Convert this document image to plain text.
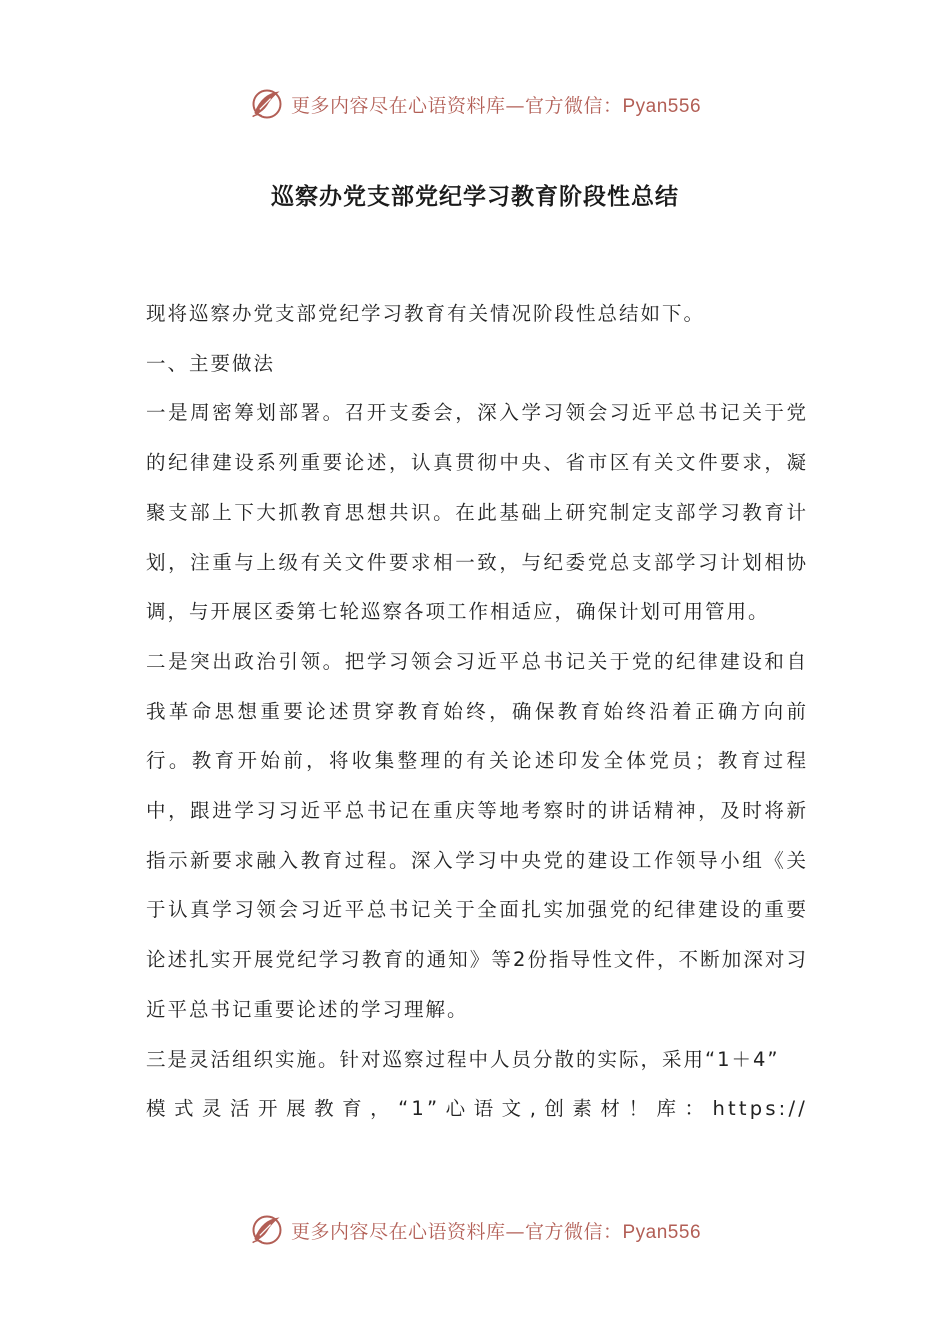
更多内容尽在心语资料库—官方微信：Pyan556
巡察办党支部党纪学习教育阶段性总结

现将巡察办党支部党纪学习教育有关情况阶段性总结如下。

一、主要做法

一是周密筹划部署。召开支委会，深入学习领会习近平总书记关于党的纪律建设系列重要论述，认真贯彻中央、省市区有关文件要求，凝聚支部上下大抓教育思想共识。在此基础上研究制定支部学习教育计划，注重与上级有关文件要求相一致，与纪委党总支部学习计划相协调，与开展区委第七轮巡察各项工作相适应，确保计划可用管用。

二是突出政治引领。把学习领会习近平总书记关于党的纪律建设和自我革命思想重要论述贯穿教育始终，确保教育始终沿着正确方向前行。教育开始前，将收集整理的有关论述印发全体党员；教育过程中，跟进学习习近平总书记在重庆等地考察时的讲话精神，及时将新指示新要求融入教育过程。深入学习中央党的建设工作领导小组《关于认真学习领会习近平总书记关于全面扎实加强党的纪律建设的重要论述扎实开展党纪学习教育的通知》等2份指导性文件，不断加深对习近平总书记重要论述的学习理解。

三是灵活组织实施。针对巡察过程中人员分散的实际，采用“1＋4”

模式灵活开展教育，“1”心语文,创素材！库：https://

更多内容尽在心语资料库—官方微信：Pyan556
